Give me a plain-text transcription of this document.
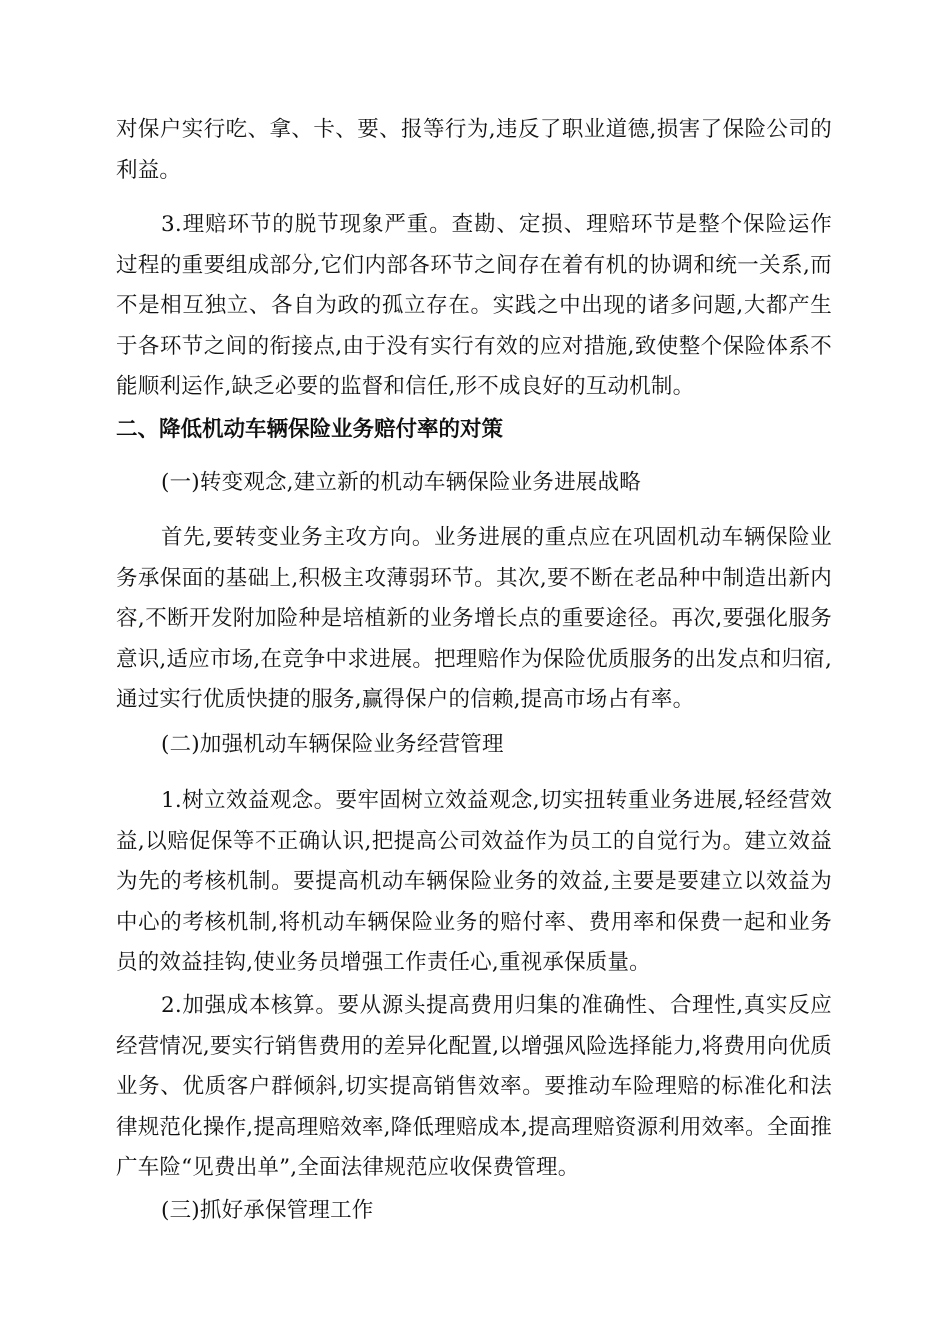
对保户实行吃、拿、卡、要、报等行为,违反了职业道德,损害了保险公司的利益。

3.理赔环节的脱节现象严重。查勘、定损、理赔环节是整个保险运作过程的重要组成部分,它们内部各环节之间存在着有机的协调和统一关系,而不是相互独立、各自为政的孤立存在。实践之中出现的诸多问题,大都产生于各环节之间的衔接点,由于没有实行有效的应对措施,致使整个保险体系不能顺利运作,缺乏必要的监督和信任,形不成良好的互动机制。

二、降低机动车辆保险业务赔付率的对策

(一)转变观念,建立新的机动车辆保险业务进展战略

首先,要转变业务主攻方向。业务进展的重点应在巩固机动车辆保险业务承保面的基础上,积极主攻薄弱环节。其次,要不断在老品种中制造出新内容,不断开发附加险种是培植新的业务增长点的重要途径。再次,要强化服务意识,适应市场,在竞争中求进展。把理赔作为保险优质服务的出发点和归宿,通过实行优质快捷的服务,赢得保户的信赖,提高市场占有率。

(二)加强机动车辆保险业务经营管理

1.树立效益观念。要牢固树立效益观念,切实扭转重业务进展,轻经营效益,以赔促保等不正确认识,把提高公司效益作为员工的自觉行为。建立效益为先的考核机制。要提高机动车辆保险业务的效益,主要是要建立以效益为中心的考核机制,将机动车辆保险业务的赔付率、费用率和保费一起和业务员的效益挂钩,使业务员增强工作责任心,重视承保质量。

2.加强成本核算。要从源头提高费用归集的准确性、合理性,真实反应经营情况,要实行销售费用的差异化配置,以增强风险选择能力,将费用向优质业务、优质客户群倾斜,切实提高销售效率。要推动车险理赔的标准化和法律规范化操作,提高理赔效率,降低理赔成本,提高理赔资源利用效率。全面推广车险“见费出单”,全面法律规范应收保费管理。

(三)抓好承保管理工作
